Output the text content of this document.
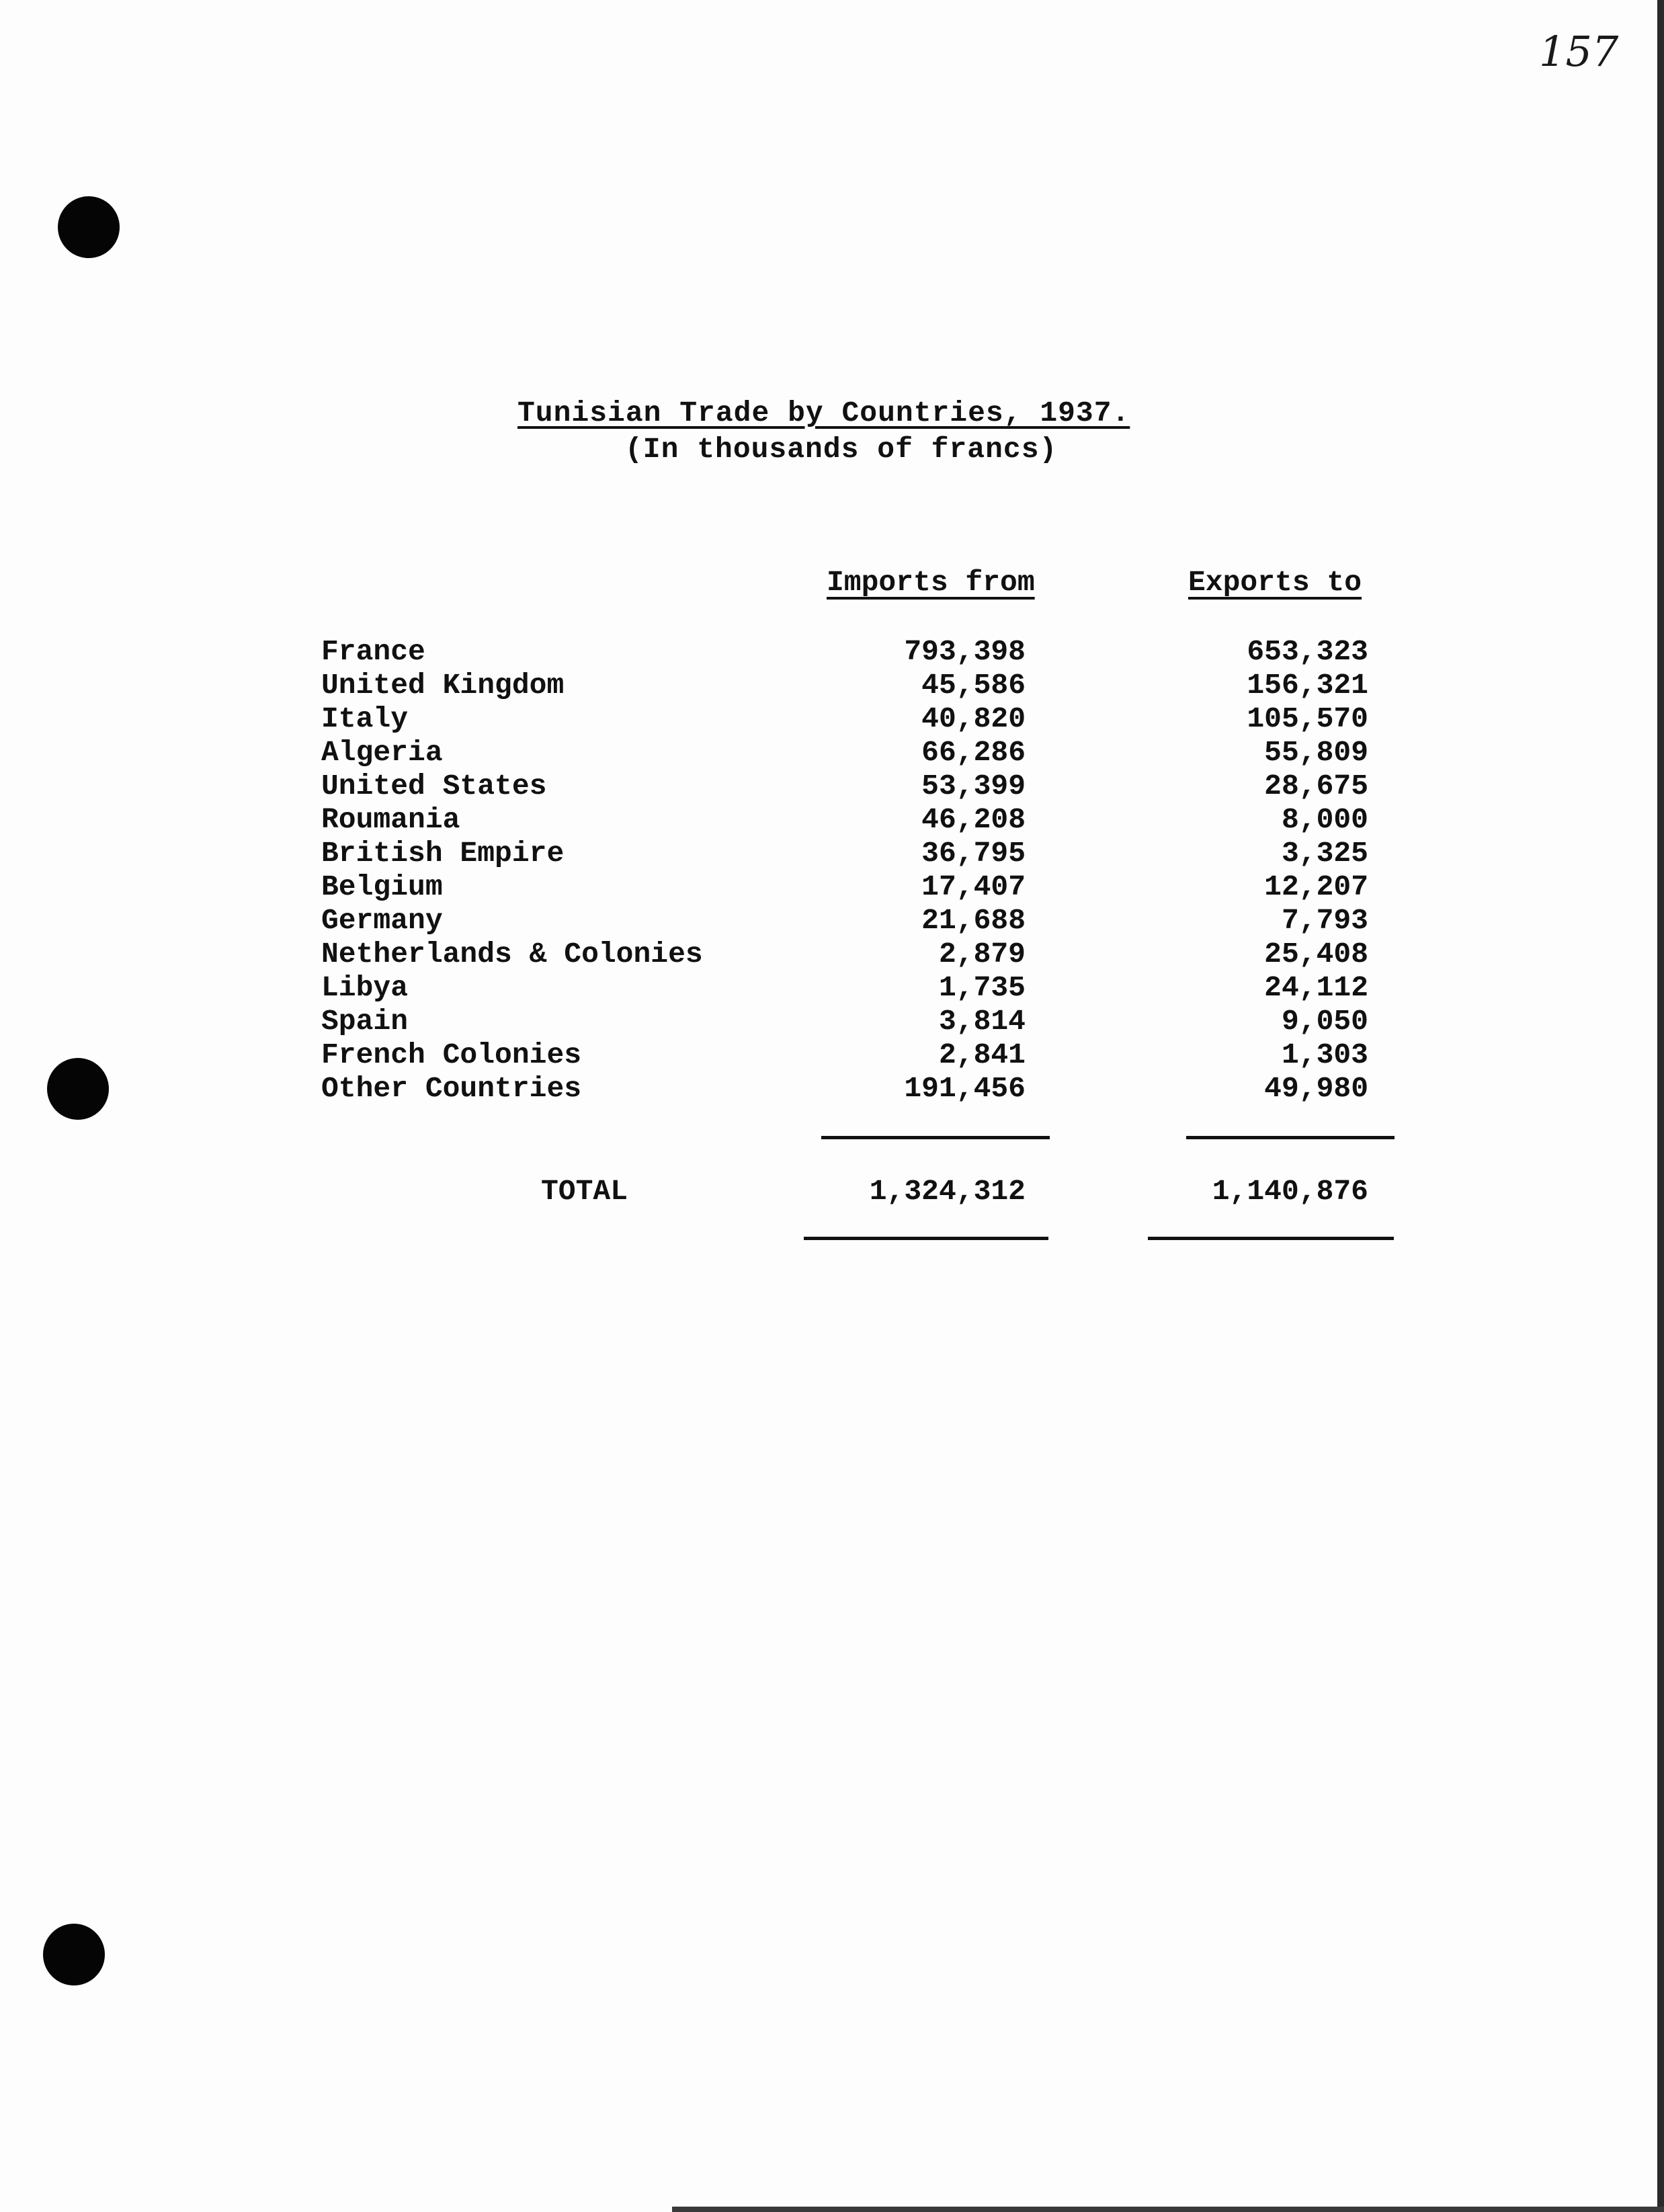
157
Tunisian Trade by Countries, 1937.
(In thousands of francs)
Imports from	Exports to
France	793,398	653,323
United Kingdom	45,586	156,321
Italy	40,820	105,570
Algeria	66,286	55,809
United States	53,399	28,675
Roumania	46,208	8,000
British Empire	36,795	3,325
Belgium	17,407	12,207
Germany	21,688	7,793
Netherlands & Colonies	2,879	25,408
Libya	1,735	24,112
Spain	3,814	9,050
French Colonies	2,841	1,303
Other Countries	191,456	49,980
TOTAL	1,324,312	1,140,876
